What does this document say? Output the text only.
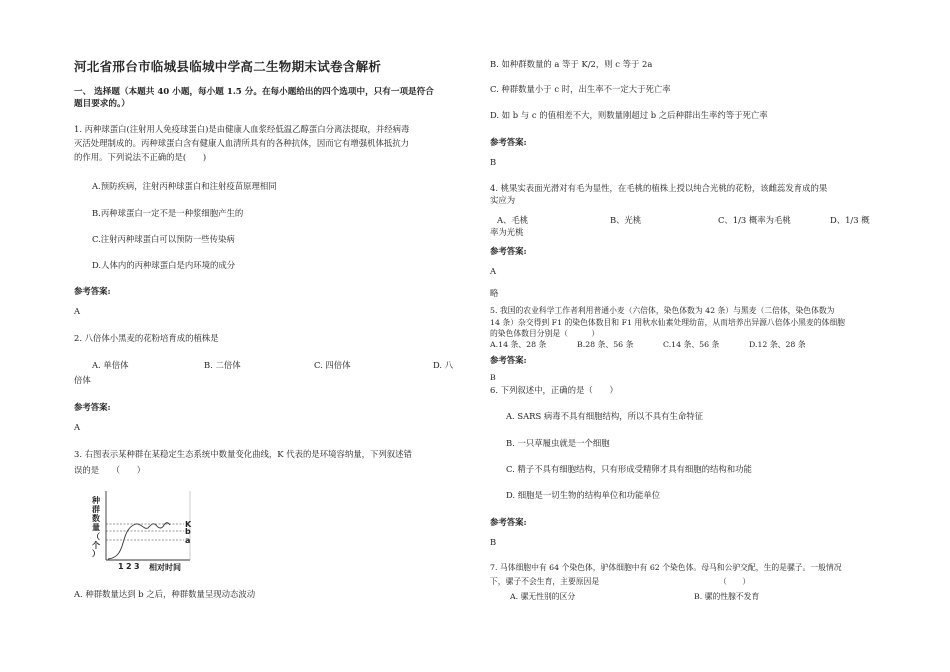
河北省邢台市临城县临城中学高二生物期末试卷含解析
一、 选择题（本题共 40 小题，每小题 1.5 分。在每小题给出的四个选项中，只有一项是符合
题目要求的。）
1. 丙种球蛋白(注射用人免疫球蛋白)是由健康人血浆经低温乙醇蛋白分离法提取，并经病毒
灭活处理制成的。丙种球蛋白含有健康人血清所具有的各种抗体，因而它有增强机体抵抗力
的作用。下列说法不正确的是(　　)
A.预防疾病，注射丙种球蛋白和注射疫苗原理相同
B.丙种球蛋白一定不是一种浆细胞产生的
C.注射丙种球蛋白可以预防一些传染病
D.人体内的丙种球蛋白是内环境的成分
参考答案:
A
2. 八倍体小黑麦的花粉培育成的植株是
A. 单倍体	B. 二倍体	C. 四倍体	D. 八
倍体
参考答案:
A
3. 右图表示某种群在某稳定生态系统中数量变化曲线，K 代表的是环境容纳量，下列叙述错
误的是　　（　　）
种
群
数
量
（
个
）
K
b
a
1 2 3 相对时间
A. 种群数量达到 b 之后，种群数量呈现动态波动
B. 如种群数量的 a 等于 K/2，则 c 等于 2a
C. 种群数量小于 c 时，出生率不一定大于死亡率
D. 如 b 与 c 的值相差不大，则数量刚超过 b 之后种群出生率约等于死亡率
参考答案:
B
4. 桃果实表面光滑对有毛为显性，在毛桃的植株上授以纯合光桃的花粉，该雌蕊发育成的果
实应为
A、毛桃	B、光桃	C、1/3 概率为毛桃	D、1/3 概
率为光桃
参考答案:
A
略
5. 我国的农业科学工作者利用普通小麦（六倍体，染色体数为 42 条）与黑麦（二倍体，染色体数为
14 条）杂交得到 F1 的染色体数目和 F1 用秋水仙素处理幼苗，从而培养出异源八倍体小黑麦的体细胞
的染色体数目分别是（　　　）
A.14 条、28 条	B.28 条、56 条	C.14 条、56 条	D.12 条、28 条
参考答案:
B
6. 下列叙述中，正确的是（　　）
A. SARS 病毒不具有细胞结构，所以不具有生命特征
B. 一只草履虫就是一个细胞
C. 精子不具有细胞结构，只有形成受精卵才具有细胞的结构和功能
D. 细胞是一切生物的结构单位和功能单位
参考答案:
B
7. 马体细胞中有 64 个染色体，驴体细胞中有 62 个染色体。母马和公驴交配，生的是骡子。一般情况
下，骡子不会生育，主要原因是	（　　）
A. 骡无性别的区分	B. 骡的性腺不发育
